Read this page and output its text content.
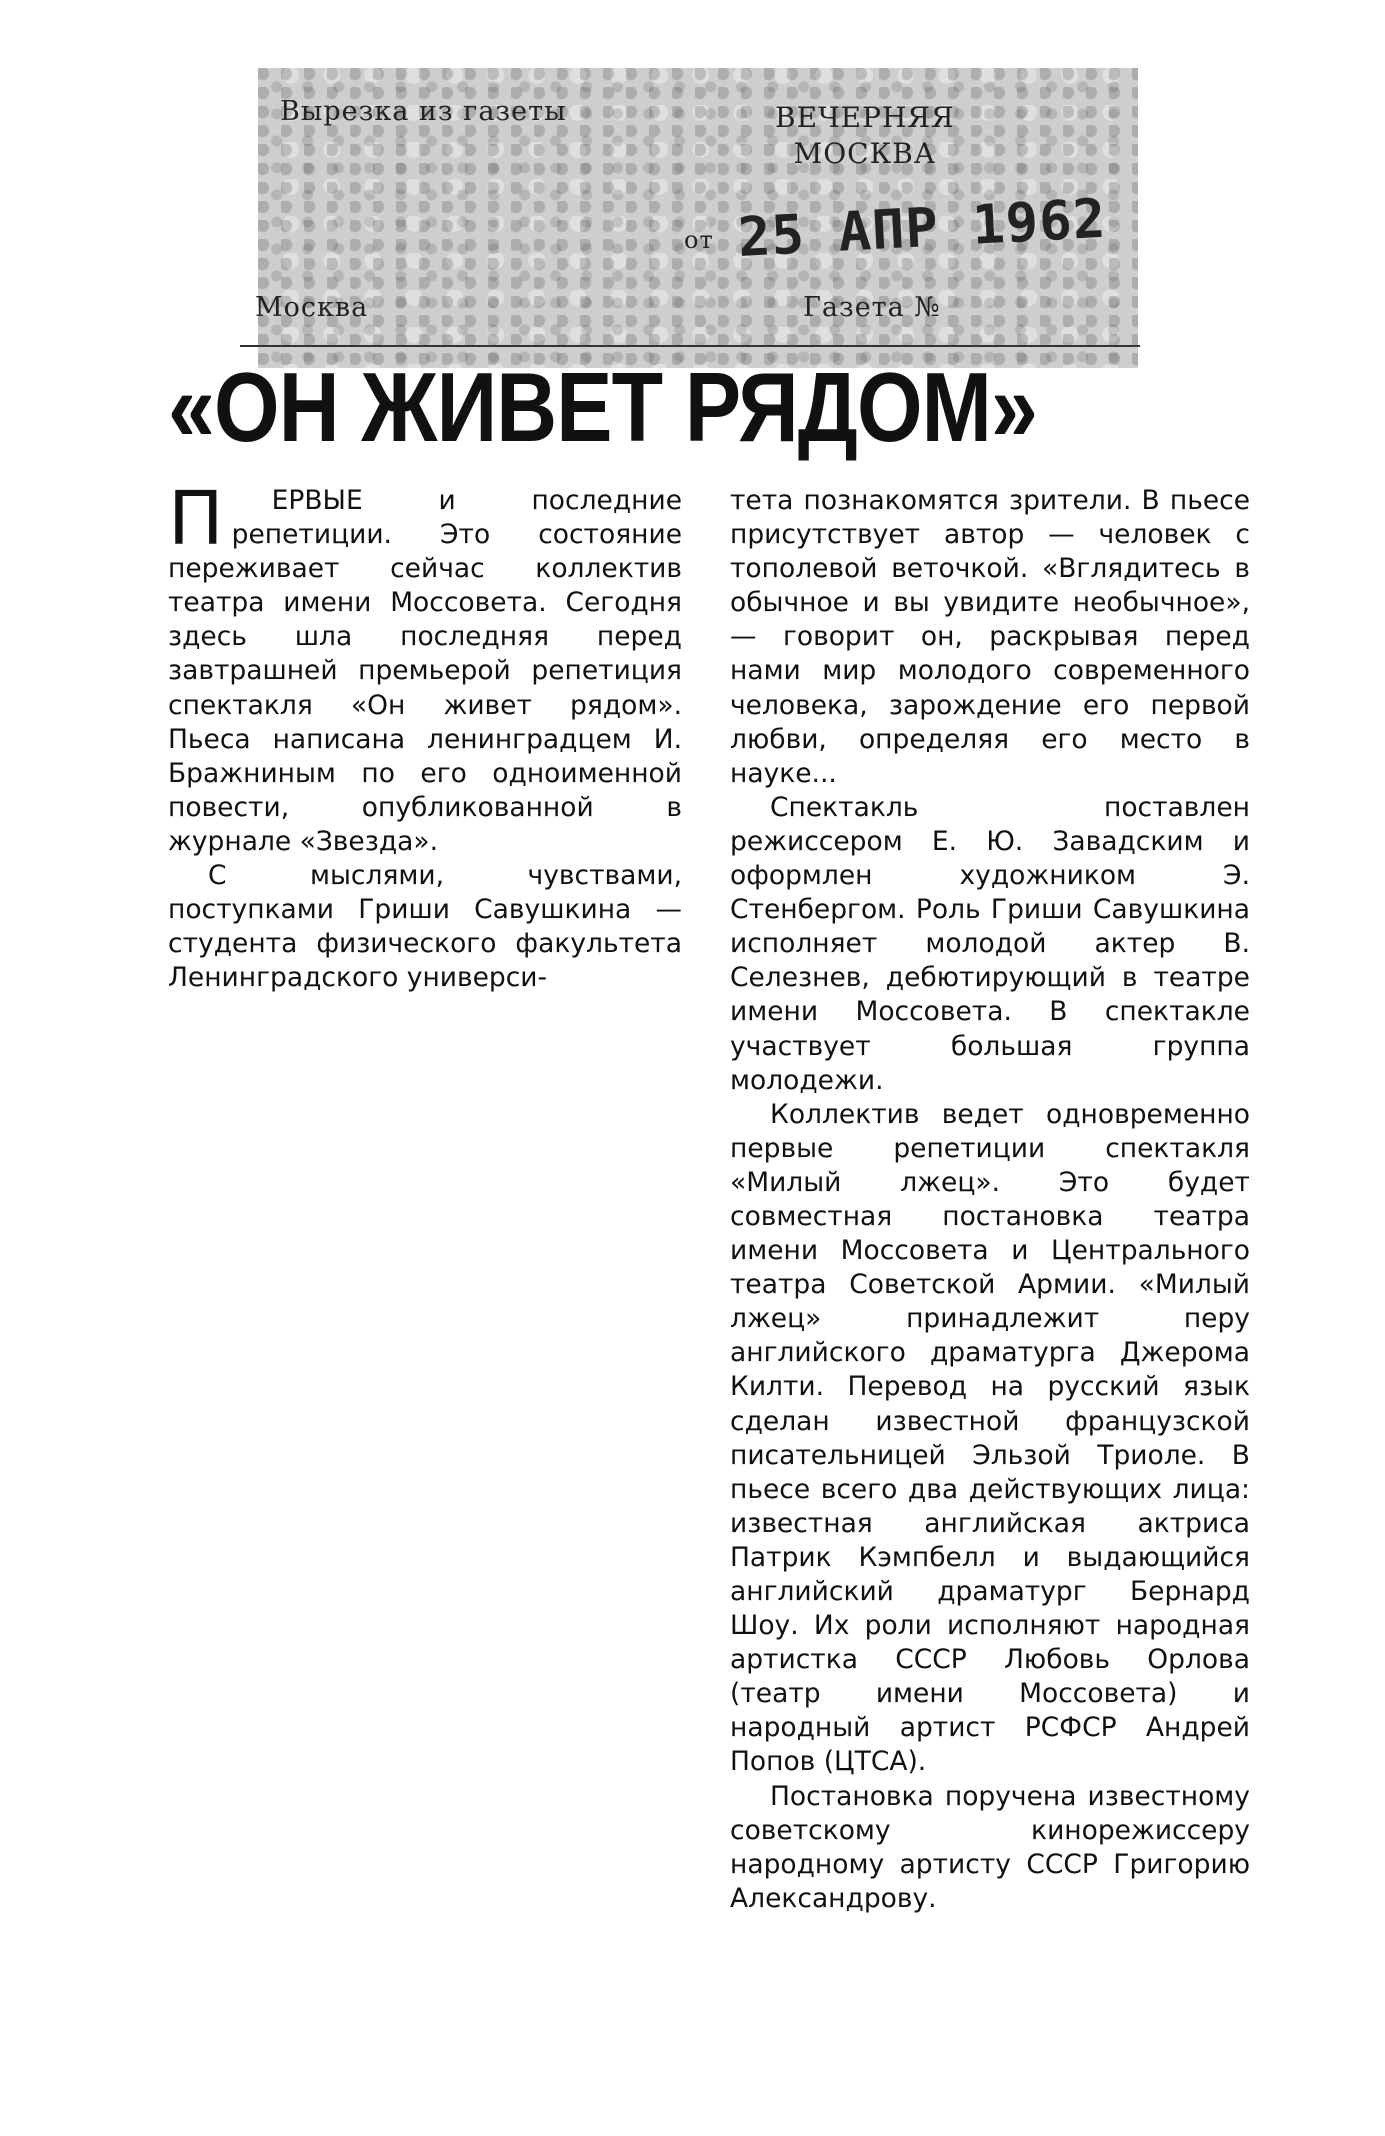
Вырезка из газеты	ВЕЧЕРНЯЯ
МОСКВА
от 25 АПР 1962
Москва	Газета №
«ОН ЖИВЕТ РЯДОМ»

П ЕРВЫЕ и последние репетиции. Это состояние переживает сейчас коллектив театра имени Моссовета. Сегодня здесь шла последняя перед завтрашней премьерой репетиция спектакля «Он живет рядом». Пьеса написана ленинградцем И. Бражниным по его одноименной повести, опубликованной в журнале «Звезда».

С мыслями, чувствами, поступками Гриши Савушкина — студента физического факультета Ленинградского универси-

тета познакомятся зрители. В пьесе присутствует автор — человек с тополевой веточкой. «Вглядитесь в обычное и вы увидите необычное», — говорит он, раскрывая перед нами мир молодого современного человека, зарождение его первой любви, определяя его место в науке...

Спектакль поставлен режиссером Е. Ю. Завадским и оформлен художником Э. Стенбергом. Роль Гриши Савушкина исполняет молодой актер В. Селезнев, дебютирующий в театре имени Моссовета. В спектакле участвует большая группа молодежи.

Коллектив ведет одновременно первые репетиции спектакля «Милый лжец». Это будет совместная постановка театра имени Моссовета и Центрального театра Советской Армии. «Милый лжец» принадлежит перу английского драматурга Джерома Килти. Перевод на русский язык сделан известной французской писательницей Эльзой Триоле. В пьесе всего два действующих лица: известная английская актриса Патрик Кэмпбелл и выдающийся английский драматург Бернард Шоу. Их роли исполняют народная артистка СССР Любовь Орлова (театр имени Моссовета) и народный артист РСФСР Андрей Попов (ЦТСА).

Постановка поручена известному советскому кинорежиссеру народному артисту СССР Григорию Александрову.
